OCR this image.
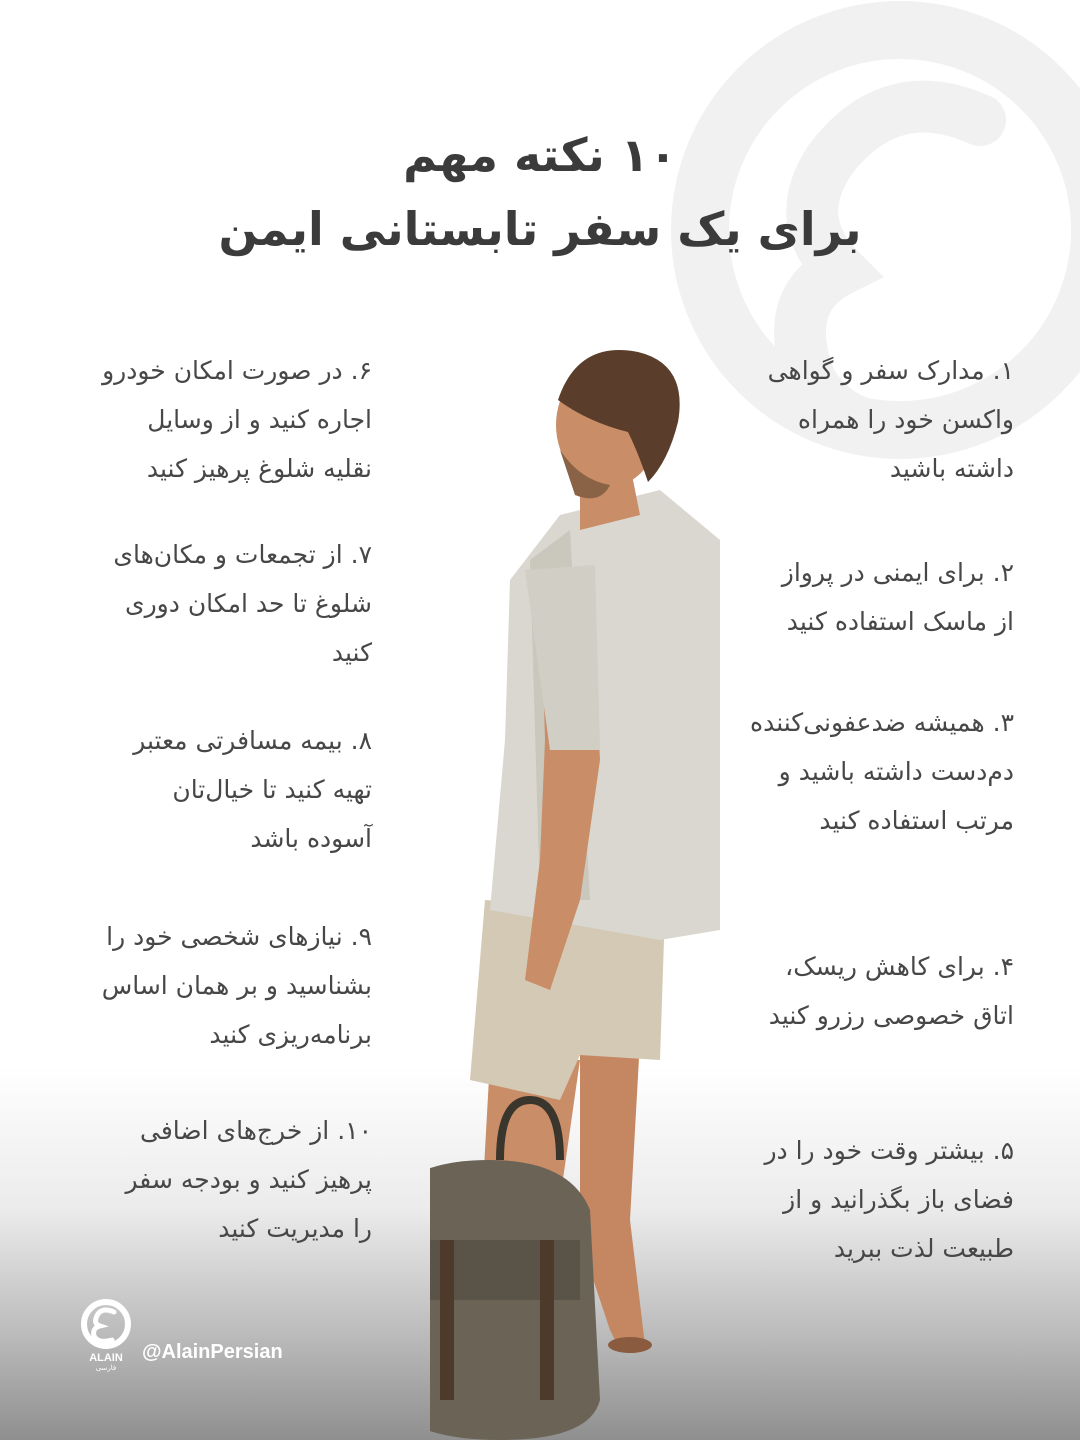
۱۰ نکته مهم
برای یک سفر تابستانی ایمن
۱. مدارک سفر و گواهی
واکسن خود را همراه
داشته باشید
۲. برای ایمنی در پرواز
از ماسک استفاده کنید
۳. همیشه ضدعفونی‌کننده
دم‌دست داشته باشید و
مرتب استفاده کنید
۴. برای کاهش ریسک،
اتاق خصوصی رزرو کنید
۵. بیشتر وقت خود را در
فضای باز بگذرانید و از
طبیعت لذت ببرید
۶. در صورت امکان خودرو
اجاره کنید و از وسایل
نقلیه شلوغ پرهیز کنید
۷. از تجمعات و مکان‌های
شلوغ تا حد امکان دوری
کنید
۸. بیمه مسافرتی معتبر
تهیه کنید تا خیال‌تان
آسوده باشد
۹. نیازهای شخصی خود را
بشناسید و بر همان اساس
برنامه‌ریزی کنید
۱۰. از خرج‌های اضافی
پرهیز کنید و بودجه سفر
را مدیریت کنید
ALAIN
فارسی
@AlainPersian
